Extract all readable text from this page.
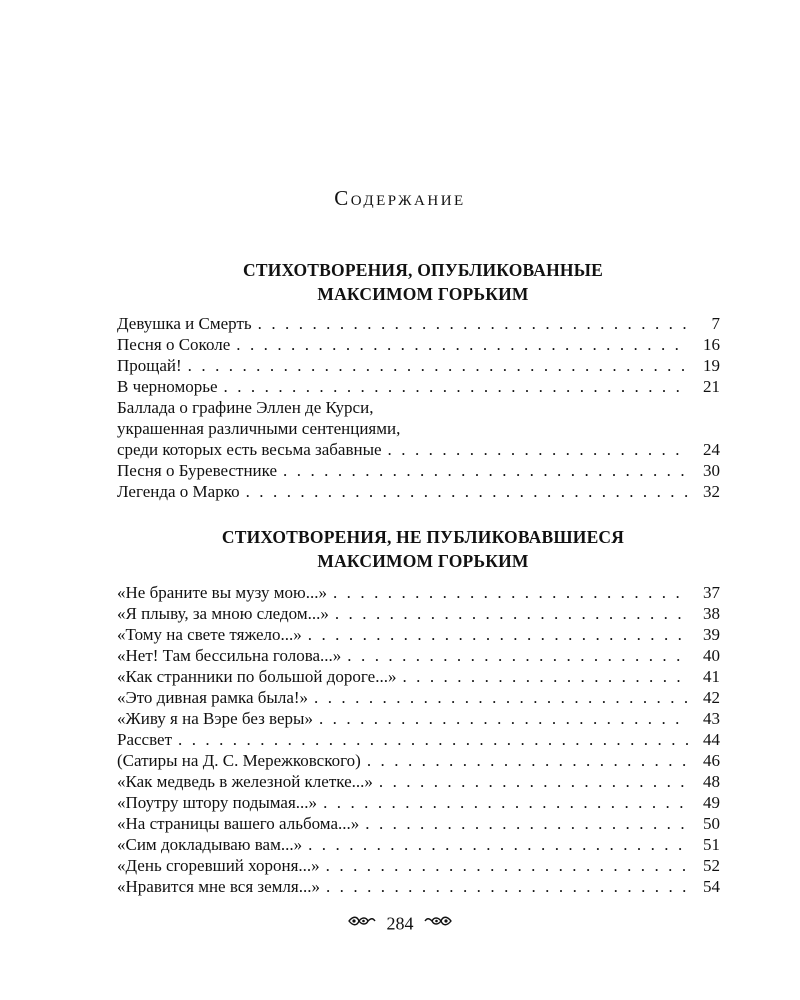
Содержание
СТИХОТВОРЕНИЯ, ОПУБЛИКОВАННЫЕ
МАКСИМОМ ГОРЬКИМ
Девушка и Смерть . . .	7
Песня о Соколе . . .	16
Прощай! . . .	19
В черноморье . . .	21
Баллада о графине Эллен де Курси,
украшенная различными сентенциями,
среди которых есть весьма забавные . . .	24
Песня о Буревестнике . . .	30
Легенда о Марко . . .	32
СТИХОТВОРЕНИЯ, НЕ ПУБЛИКОВАВШИЕСЯ
МАКСИМОМ ГОРЬКИМ
«Не браните вы музу мою...» . . .	37
«Я плыву, за мною следом...» . . .	38
«Тому на свете тяжело...» . . .	39
«Нет! Там бессильна голова...» . . .	40
«Как странники по большой дороге...» . . .	41
«Это дивная рамка была!» . . .	42
«Живу я на Вэре без веры» . . .	43
Рассвет . . .	44
(Сатиры на Д. С. Мережковского) . . .	46
«Как медведь в железной клетке...» . . .	48
«Поутру штору подымая...» . . .	49
«На страницы вашего альбома...» . . .	50
«Сим докладываю вам...» . . .	51
«День сгоревший хороня...» . . .	52
«Нравится мне вся земля...» . . .	54
284
